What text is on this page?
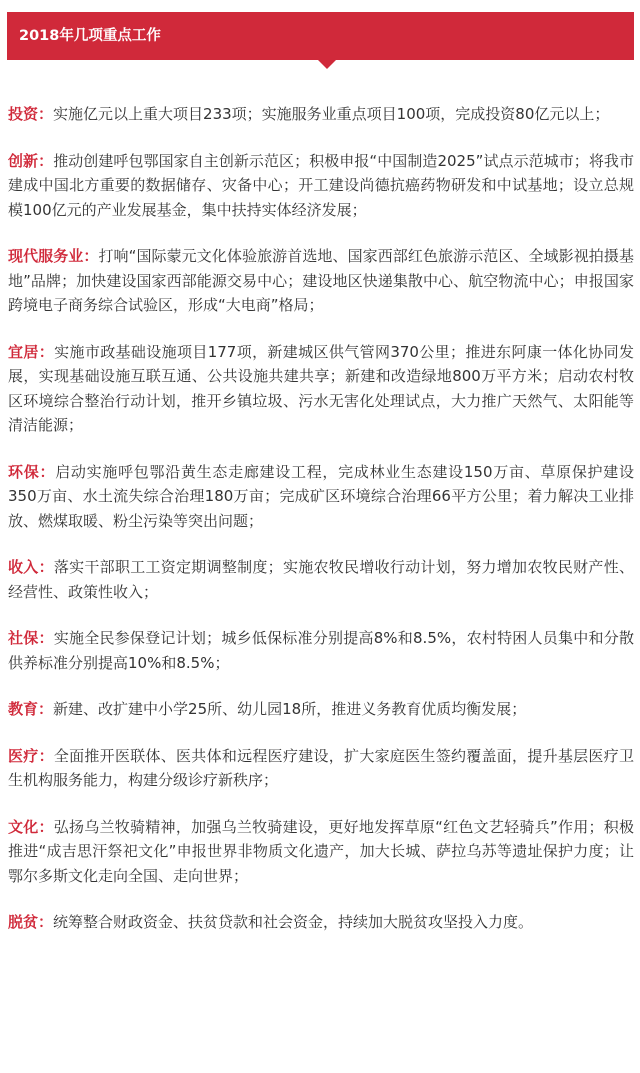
2018年几项重点工作

投资：实施亿元以上重大项目233项；实施服务业重点项目100项，完成投资80亿元以上；

创新：推动创建呼包鄂国家自主创新示范区；积极申报“中国制造2025”试点示范城市；将我市建成中国北方重要的数据储存、灾备中心；开工建设尚德抗癌药物研发和中试基地；设立总规模100亿元的产业发展基金，集中扶持实体经济发展；

现代服务业：打响“国际蒙元文化体验旅游首选地、国家西部红色旅游示范区、全域影视拍摄基地”品牌；加快建设国家西部能源交易中心；建设地区快递集散中心、航空物流中心；申报国家跨境电子商务综合试验区，形成“大电商”格局；

宜居：实施市政基础设施项目177项，新建城区供气管网370公里；推进东阿康一体化协同发展，实现基础设施互联互通、公共设施共建共享；新建和改造绿地800万平方米；启动农村牧区环境综合整治行动计划，推开乡镇垃圾、污水无害化处理试点，大力推广天然气、太阳能等清洁能源；

环保：启动实施呼包鄂沿黄生态走廊建设工程，完成林业生态建设150万亩、草原保护建设350万亩、水土流失综合治理180万亩；完成矿区环境综合治理66平方公里；着力解决工业排放、燃煤取暖、粉尘污染等突出问题；

收入：落实干部职工工资定期调整制度；实施农牧民增收行动计划，努力增加农牧民财产性、经营性、政策性收入；

社保：实施全民参保登记计划；城乡低保标准分别提高8%和8.5%，农村特困人员集中和分散供养标准分别提高10%和8.5%；

教育：新建、改扩建中小学25所、幼儿园18所，推进义务教育优质均衡发展；

医疗：全面推开医联体、医共体和远程医疗建设，扩大家庭医生签约覆盖面，提升基层医疗卫生机构服务能力，构建分级诊疗新秩序；

文化：弘扬乌兰牧骑精神，加强乌兰牧骑建设，更好地发挥草原“红色文艺轻骑兵”作用；积极推进“成吉思汗祭祀文化”申报世界非物质文化遗产，加大长城、萨拉乌苏等遗址保护力度；让鄂尔多斯文化走向全国、走向世界；

脱贫：统筹整合财政资金、扶贫贷款和社会资金，持续加大脱贫攻坚投入力度。
